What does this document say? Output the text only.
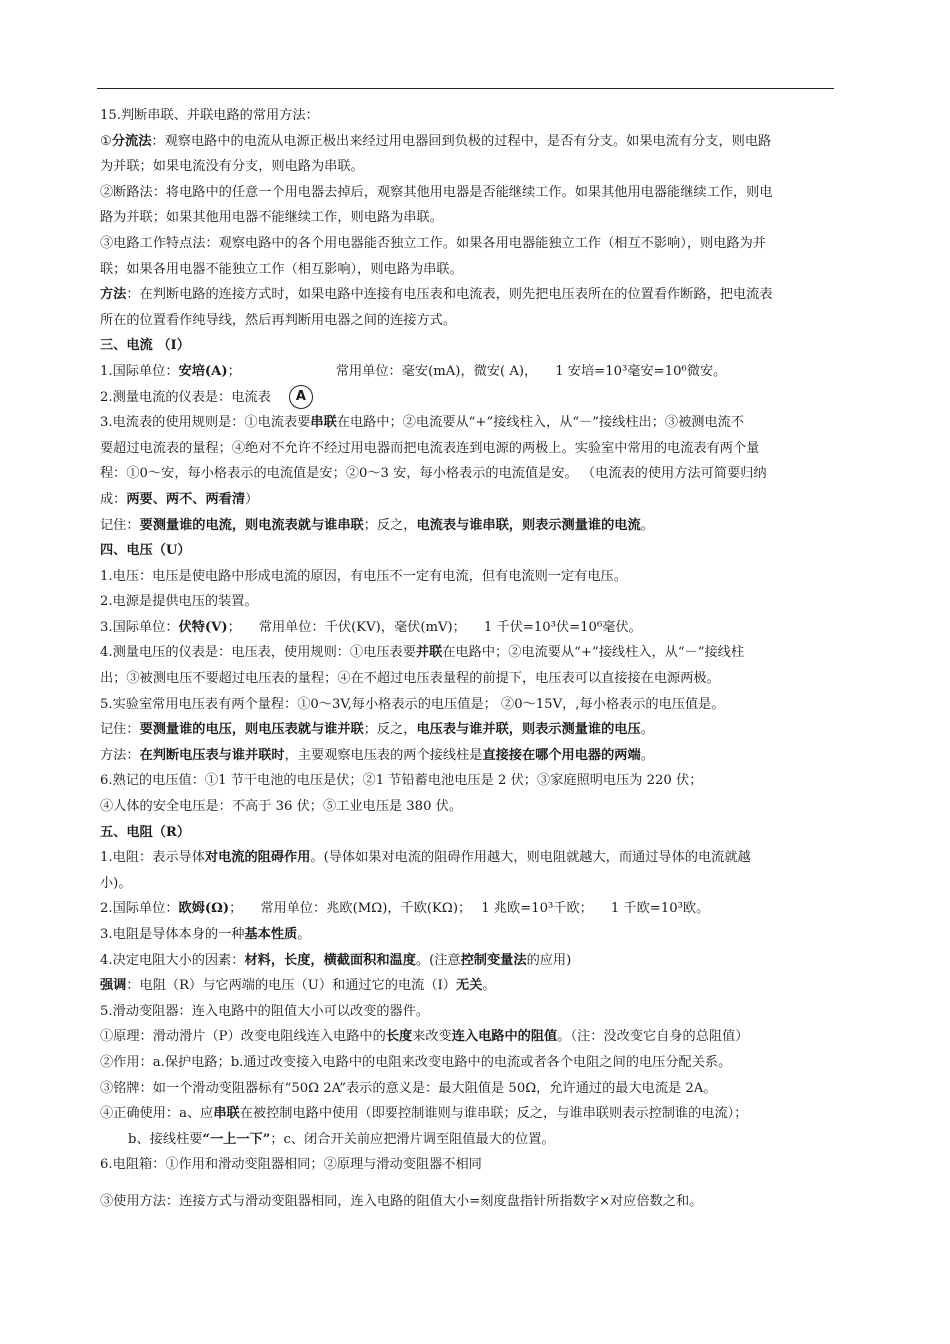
15.判断串联、并联电路的常用方法：
①分流法：观察电路中的电流从电源正极出来经过用电器回到负极的过程中，是否有分支。如果电流有分支，则电路
为并联；如果电流没有分支，则电路为串联。
②断路法：将电路中的任意一个用电器去掉后，观察其他用电器是否能继续工作。如果其他用电器能继续工作，则电
路为并联；如果其他用电器不能继续工作，则电路为串联。
③电路工作特点法：观察电路中的各个用电器能否独立工作。如果各用电器能独立工作（相互不影响），则电路为并
联；如果各用电器不能独立工作（相互影响），则电路为串联。
方法：在判断电路的连接方式时，如果电路中连接有电压表和电流表，则先把电压表所在的位置看作断路，把电流表
所在的位置看作纯导线，然后再判断用电器之间的连接方式。
三、电流 （I）
1.国际单位：安培(A)；	常用单位：毫安(mA)，微安( A)， 1 安培=10³毫安=10⁶微安。
2.测量电流的仪表是：电流表 A
3.电流表的使用规则是：①电流表要串联在电路中；②电流要从“+”接线柱入，从“－”接线柱出；③被测电流不
要超过电流表的量程；④绝对不允许不经过用电器而把电流表连到电源的两极上。实验室中常用的电流表有两个量
程：①0～安，每小格表示的电流值是安；②0～3 安，每小格表示的电流值是安。 （电流表的使用方法可简要归纳
成：两要、两不、两看清）
记住：要测量谁的电流，则电流表就与谁串联；反之，电流表与谁串联，则表示测量谁的电流。
四、电压（U）
1.电压：电压是使电路中形成电流的原因，有电压不一定有电流，但有电流则一定有电压。
2.电源是提供电压的装置。
3.国际单位：伏特(V)； 常用单位：千伏(KV)，毫伏(mV)； 1 千伏=10³伏=10⁶毫伏。
4.测量电压的仪表是：电压表，使用规则：①电压表要并联在电路中；②电流要从“+”接线柱入，从“－”接线柱
出；③被测电压不要超过电压表的量程；④在不超过电压表量程的前提下，电压表可以直接接在电源两极。
5.实验室常用电压表有两个量程：①0～3V,每小格表示的电压值是； ②0～15V，,每小格表示的电压值是。
记住：要测量谁的电压，则电压表就与谁并联；反之，电压表与谁并联，则表示测量谁的电压。
方法：在判断电压表与谁并联时，主要观察电压表的两个接线柱是直接接在哪个用电器的两端。
6.熟记的电压值：①1 节干电池的电压是伏；②1 节铅蓄电池电压是 2 伏；③家庭照明电压为 220 伏；
④人体的安全电压是：不高于 36 伏；⑤工业电压是 380 伏。
五、电阻（R）
1.电阻：表示导体对电流的阻碍作用。(导体如果对电流的阻碍作用越大，则电阻就越大，而通过导体的电流就越
小)。
2.国际单位：欧姆(Ω)； 常用单位：兆欧(MΩ)，千欧(KΩ)； 1 兆欧=10³千欧； 1 千欧=10³欧。
3.电阻是导体本身的一种基本性质。
4.决定电阻大小的因素：材料，长度，横截面积和温度。(注意控制变量法的应用)
强调：电阻（R）与它两端的电压（U）和通过它的电流（I）无关。
5.滑动变阻器：连入电路中的阻值大小可以改变的器件。
①原理：滑动滑片（P）改变电阻线连入电路中的长度来改变连入电路中的阻值。（注：没改变它自身的总阻值）
②作用：a.保护电路；b.通过改变接入电路中的电阻来改变电路中的电流或者各个电阻之间的电压分配关系。
③铭牌：如一个滑动变阻器标有“50Ω 2A”表示的意义是：最大阻值是 50Ω，允许通过的最大电流是 2A。
④正确使用：a、应串联在被控制电路中使用（即要控制谁则与谁串联；反之，与谁串联则表示控制谁的电流）；
b、接线柱要“一上一下”；c、闭合开关前应把滑片调至阻值最大的位置。
6.电阻箱：①作用和滑动变阻器相同；②原理与滑动变阻器不相同
③使用方法：连接方式与滑动变阻器相同，连入电路的阻值大小=刻度盘指针所指数字×对应倍数之和。
